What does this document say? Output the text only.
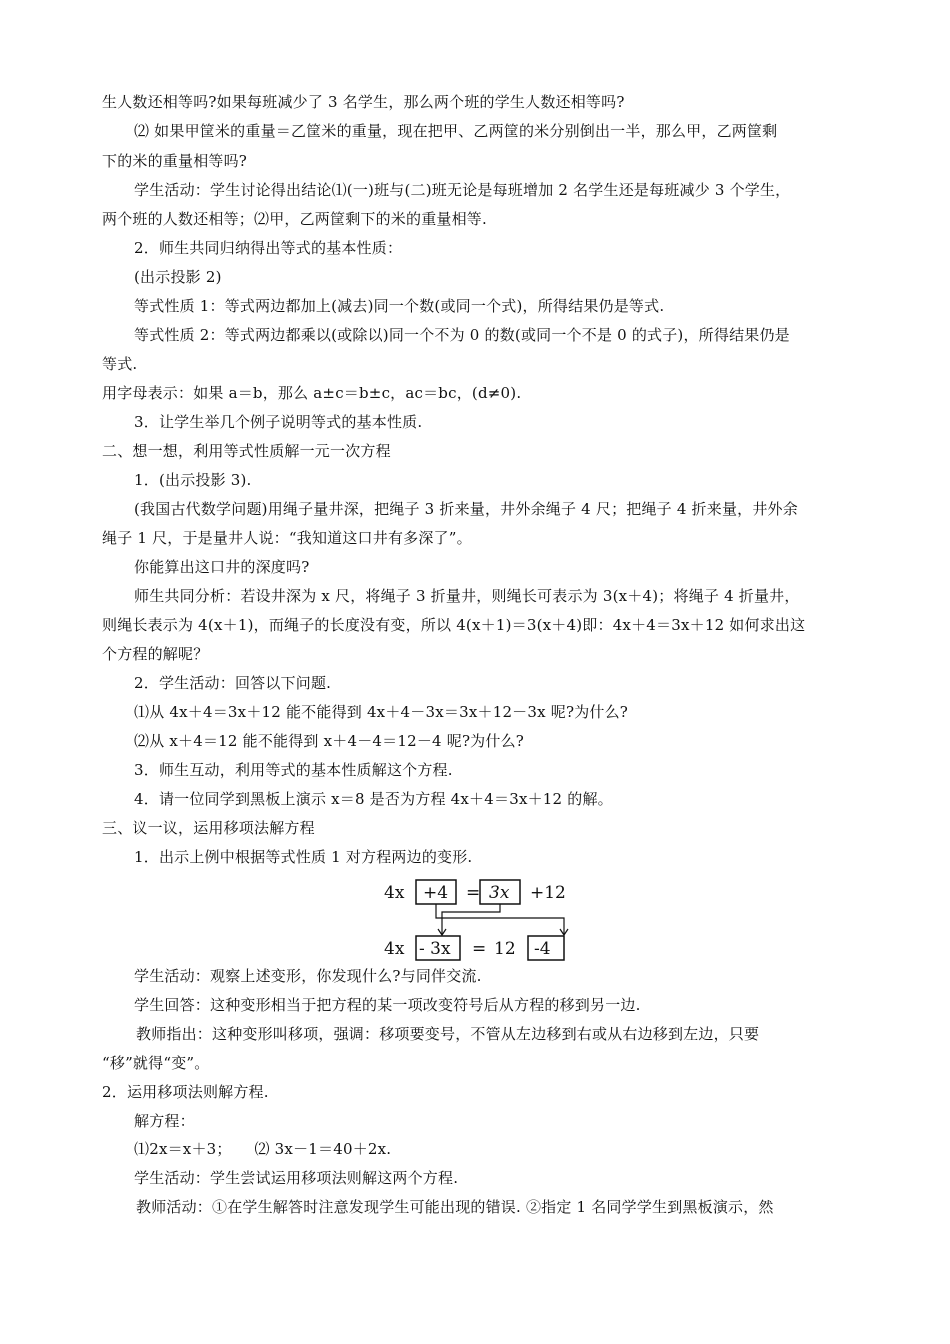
生人数还相等吗?如果每班减少了 3 名学生，那么两个班的学生人数还相等吗?
⑵ 如果甲筐米的重量＝乙筐米的重量，现在把甲、乙两筐的米分别倒出一半，那么甲，乙两筐剩
下的米的重量相等吗?
学生活动：学生讨论得出结论⑴(一)班与(二)班无论是每班增加 2 名学生还是每班减少 3 个学生，
两个班的人数还相等；⑵甲，乙两筐剩下的米的重量相等.
2．师生共同归纳得出等式的基本性质：
(出示投影 2)
等式性质 1：等式两边都加上(减去)同一个数(或同一个式)，所得结果仍是等式.
等式性质 2：等式两边都乘以(或除以)同一个不为 0 的数(或同一个不是 0 的式子)，所得结果仍是
等式.
用字母表示：如果 a＝b，那么 a±c＝b±c，ac＝bc，(d≠0).
3．让学生举几个例子说明等式的基本性质.
二、想一想，利用等式性质解一元一次方程
1．(出示投影 3).
(我国古代数学问题)用绳子量井深，把绳子 3 折来量，井外余绳子 4 尺；把绳子 4 折来量，井外余
绳子 1 尺，于是量井人说：“我知道这口井有多深了”。
你能算出这口井的深度吗?
师生共同分析：若设井深为 x 尺，将绳子 3 折量井，则绳长可表示为 3(x＋4)；将绳子 4 折量井，
则绳长表示为 4(x＋1)，而绳子的长度没有变，所以 4(x＋1)＝3(x＋4)即：4x＋4＝3x＋12 如何求出这
个方程的解呢？
2．学生活动：回答以下问题.
⑴从 4x＋4＝3x＋12 能不能得到 4x＋4－3x＝3x＋12－3x 呢?为什么?
⑵从 x＋4＝12 能不能得到 x＋4－4＝12－4 呢?为什么?
3．师生互动，利用等式的基本性质解这个方程.
4．请一位同学到黑板上演示 x＝8 是否为方程 4x＋4＝3x＋12 的解。
三、议一议，运用移项法解方程
1．出示上例中根据等式性质 1 对方程两边的变形.
4x +4 = 3x +12
4x - 3x = 12 -4
学生活动：观察上述变形，你发现什么?与同伴交流.
学生回答：这种变形相当于把方程的某一项改变符号后从方程的移到另一边.
教师指出：这种变形叫移项，强调：移项要变号，不管从左边移到右或从右边移到左边，只要
“移”就得“变”。
2．运用移项法则解方程.
解方程：
⑴2x＝x＋3；　　⑵ 3x－1＝40＋2x.
学生活动：学生尝试运用移项法则解这两个方程.
教师活动：①在学生解答时注意发现学生可能出现的错误. ②指定 1 名同学学生到黑板演示，然
